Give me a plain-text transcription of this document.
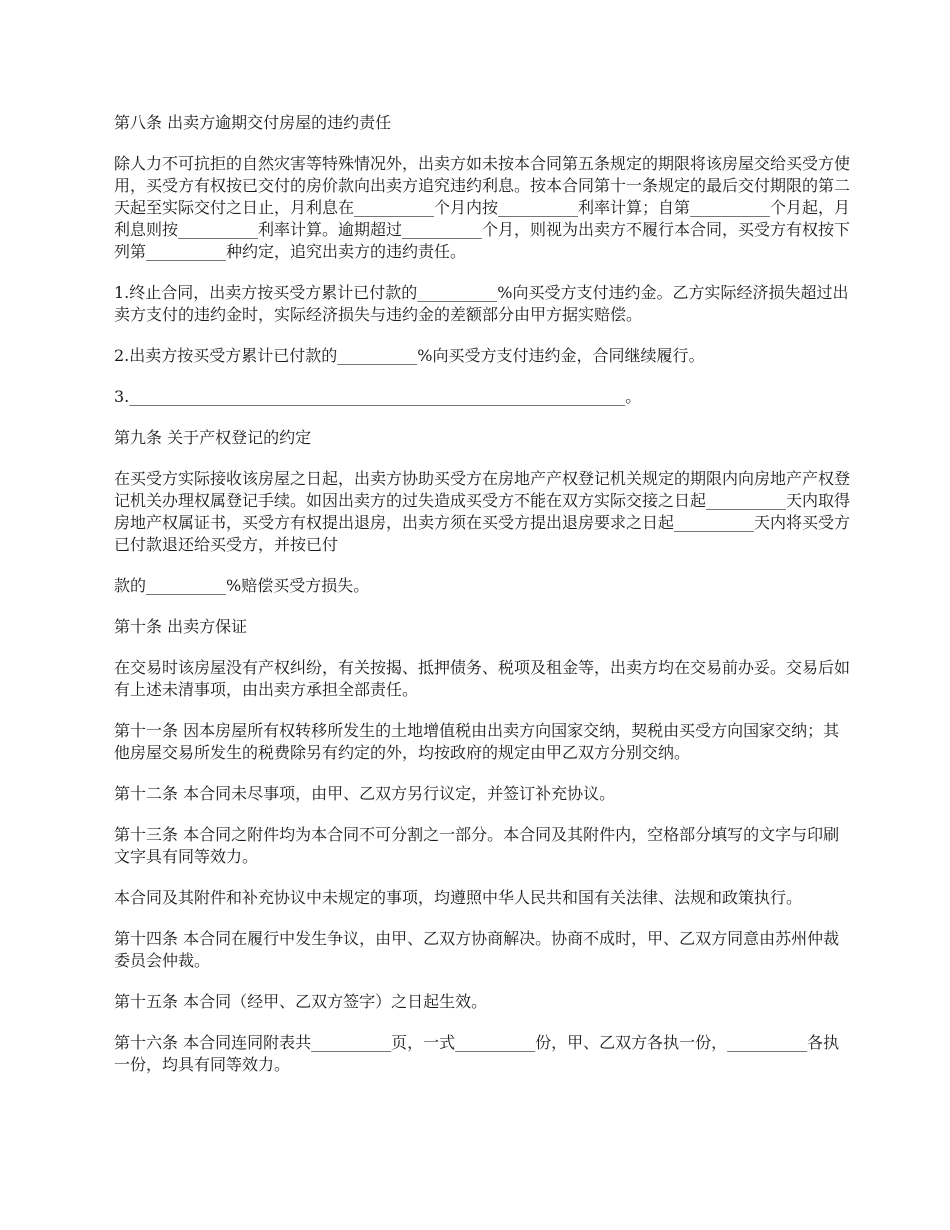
第八条 出卖方逾期交付房屋的违约责任

除人力不可抗拒的自然灾害等特殊情况外，出卖方如未按本合同第五条规定的期限将该房屋交给买受方使用，买受方有权按已交付的房价款向出卖方追究违约利息。按本合同第十一条规定的最后交付期限的第二天起至实际交付之日止，月利息在__________个月内按__________利率计算；自第__________个月起，月利息则按__________利率计算。逾期超过__________个月，则视为出卖方不履行本合同，买受方有权按下列第__________种约定，追究出卖方的违约责任。

1.终止合同，出卖方按买受方累计已付款的__________%向买受方支付违约金。乙方实际经济损失超过出卖方支付的违约金时，实际经济损失与违约金的差额部分由甲方据实赔偿。

2.出卖方按买受方累计已付款的__________%向买受方支付违约金，合同继续履行。

3.______________________________________________________________。

第九条 关于产权登记的约定

在买受方实际接收该房屋之日起，出卖方协助买受方在房地产产权登记机关规定的期限内向房地产产权登记机关办理权属登记手续。如因出卖方的过失造成买受方不能在双方实际交接之日起__________天内取得房地产权属证书，买受方有权提出退房，出卖方须在买受方提出退房要求之日起__________天内将买受方已付款退还给买受方，并按已付

款的__________%赔偿买受方损失。

第十条 出卖方保证

在交易时该房屋没有产权纠纷，有关按揭、抵押债务、税项及租金等，出卖方均在交易前办妥。交易后如有上述未清事项，由出卖方承担全部责任。

第十一条 因本房屋所有权转移所发生的土地增值税由出卖方向国家交纳，契税由买受方向国家交纳；其他房屋交易所发生的税费除另有约定的外，均按政府的规定由甲乙双方分别交纳。

第十二条 本合同未尽事项，由甲、乙双方另行议定，并签订补充协议。

第十三条 本合同之附件均为本合同不可分割之一部分。本合同及其附件内，空格部分填写的文字与印刷文字具有同等效力。

本合同及其附件和补充协议中未规定的事项，均遵照中华人民共和国有关法律、法规和政策执行。

第十四条 本合同在履行中发生争议，由甲、乙双方协商解决。协商不成时，甲、乙双方同意由苏州仲裁委员会仲裁。

第十五条 本合同（经甲、乙双方签字）之日起生效。

第十六条 本合同连同附表共__________页，一式__________份，甲、乙双方各执一份，__________各执一份，均具有同等效力。
